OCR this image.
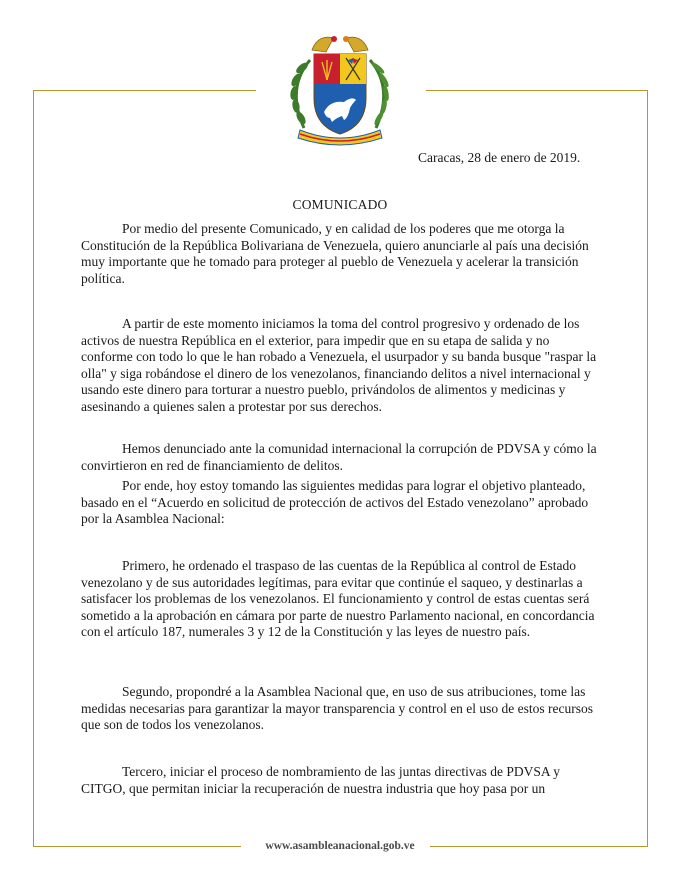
Caracas, 28 de enero de 2019.
COMUNICADO

Por medio del presente Comunicado, y en calidad de los poderes que me otorga la Constitución de la República Bolivariana de Venezuela, quiero anunciarle al país una decisión muy importante que he tomado para proteger al pueblo de Venezuela y acelerar la transición política.

A partir de este momento iniciamos la toma del control progresivo y ordenado de los activos de nuestra República en el exterior, para impedir que en su etapa de salida y no conforme con todo lo que le han robado a Venezuela, el usurpador y su banda busque "raspar la olla" y siga robándose el dinero de los venezolanos, financiando delitos a nivel internacional y usando este dinero para torturar a nuestro pueblo, privándolos de alimentos y medicinas y asesinando a quienes salen a protestar por sus derechos.

Hemos denunciado ante la comunidad internacional la corrupción de PDVSA y cómo la convirtieron en red de financiamiento de delitos.

Por ende, hoy estoy tomando las siguientes medidas para lograr el objetivo planteado, basado en el “Acuerdo en solicitud de protección de activos del Estado venezolano” aprobado por la Asamblea Nacional:

Primero, he ordenado el traspaso de las cuentas de la República al control de Estado venezolano y de sus autoridades legítimas, para evitar que continúe el saqueo, y destinarlas a satisfacer los problemas de los venezolanos. El funcionamiento y control de estas cuentas será sometido a la aprobación en cámara por parte de nuestro Parlamento nacional, en concordancia con el artículo 187, numerales 3 y 12 de la Constitución y las leyes de nuestro país.

Segundo, propondré a la Asamblea Nacional que, en uso de sus atribuciones, tome las medidas necesarias para garantizar la mayor transparencia y control en el uso de estos recursos que son de todos los venezolanos.

Tercero, iniciar el proceso de nombramiento de las juntas directivas de PDVSA y CITGO, que permitan iniciar la recuperación de nuestra industria que hoy pasa por un

www.asambleanacional.gob.ve
